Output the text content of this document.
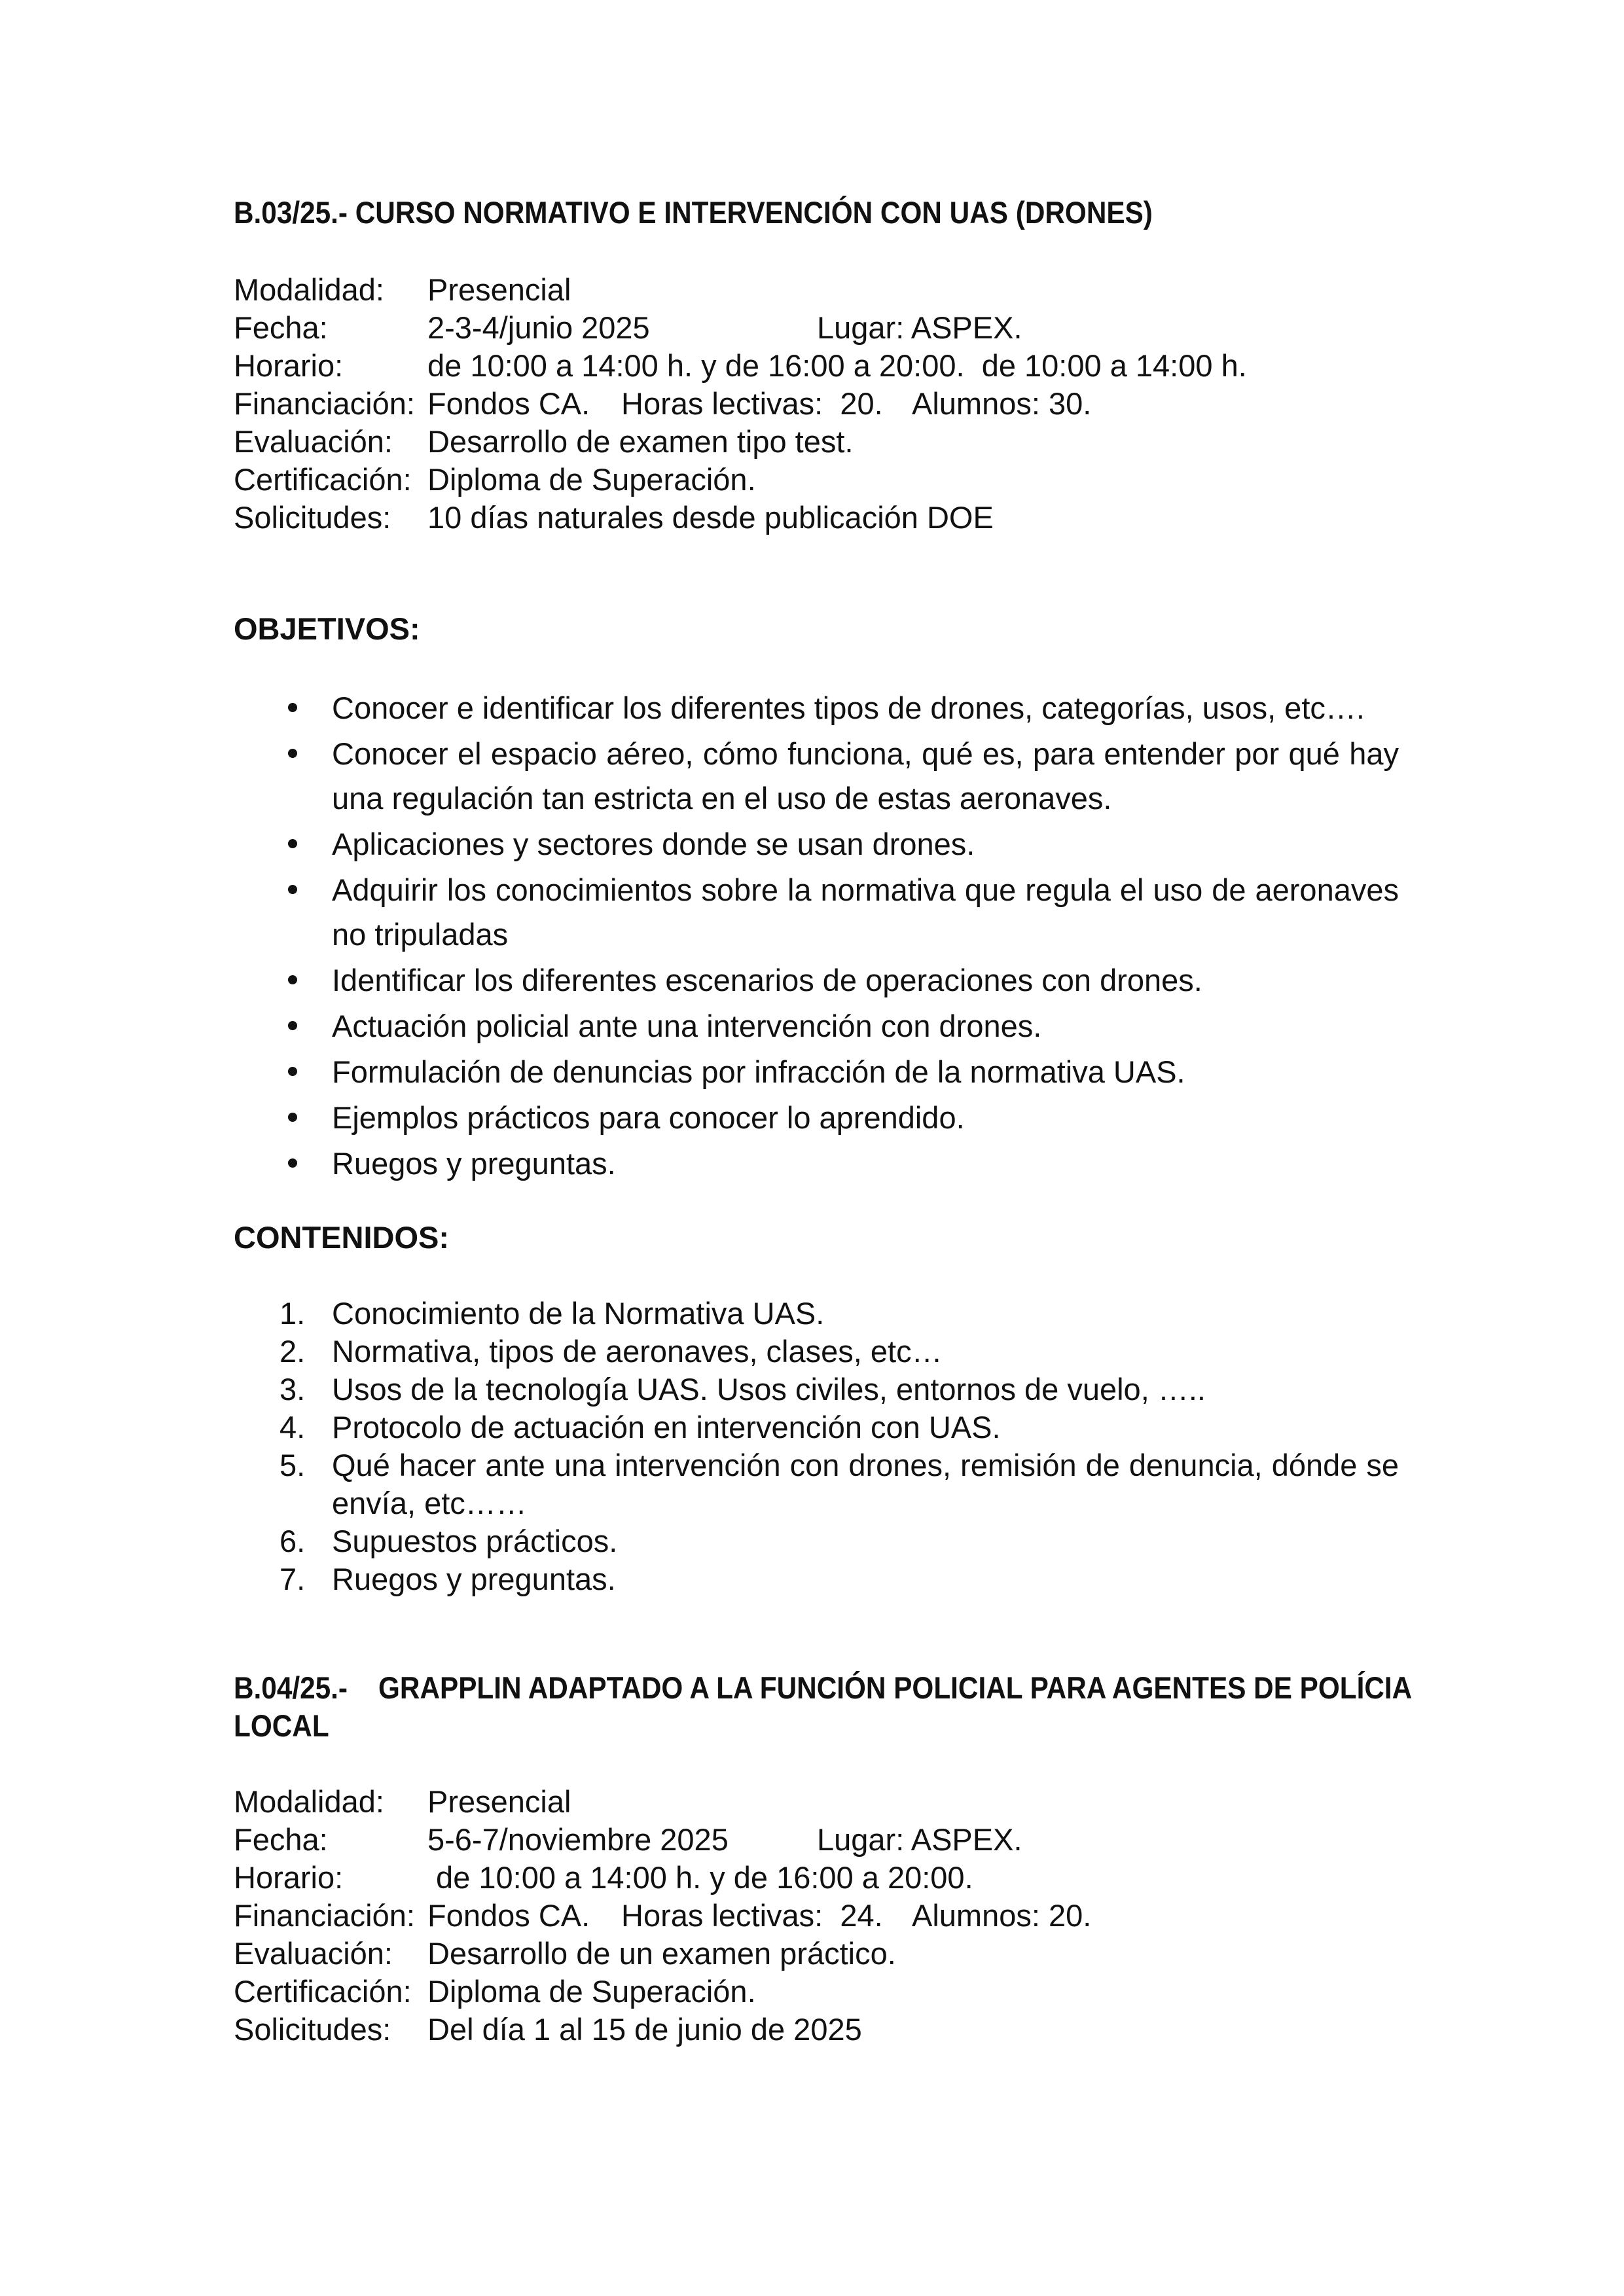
B.03/25.- CURSO NORMATIVO E INTERVENCIÓN CON UAS (DRONES)
Modalidad:	Presencial
Fecha:	2-3-4/junio 2025	Lugar: ASPEX.
Horario:	de 10:00 a 14:00 h. y de 16:00 a 20:00.  de 10:00 a 14:00 h.
Financiación: Fondos CA.	Horas lectivas:  20. Alumnos: 30.
Evaluación:	Desarrollo de examen tipo test.
Certificación: Diploma de Superación.
Solicitudes:	10 días naturales desde publicación DOE
OBJETIVOS:
Conocer e identificar los diferentes tipos de drones, categorías, usos, etc….
Conocer el espacio aéreo, cómo funciona, qué es, para entender por qué hay una regulación tan estricta en el uso de estas aeronaves.
Aplicaciones y sectores donde se usan drones.
Adquirir los conocimientos sobre la normativa que regula el uso de aeronaves no tripuladas
Identificar los diferentes escenarios de operaciones con drones.
Actuación policial ante una intervención con drones.
Formulación de denuncias por infracción de la normativa UAS.
Ejemplos prácticos para conocer lo aprendido.
Ruegos y preguntas.
CONTENIDOS:
1. Conocimiento de la Normativa UAS.
2. Normativa, tipos de aeronaves, clases, etc…
3. Usos de la tecnología UAS. Usos civiles, entornos de vuelo, …..
4. Protocolo de actuación en intervención con UAS.
5. Qué hacer ante una intervención con drones, remisión de denuncia, dónde se envía, etc……
6. Supuestos prácticos.
7. Ruegos y preguntas.
B.04/25.-    GRAPPLIN ADAPTADO A LA FUNCIÓN POLICIAL PARA AGENTES DE POLÍCIA
LOCAL
Modalidad:	Presencial
Fecha:	5-6-7/noviembre 2025	Lugar: ASPEX.
Horario:	de 10:00 a 14:00 h. y de 16:00 a 20:00.
Financiación: Fondos CA.	Horas lectivas:  24. Alumnos: 20.
Evaluación:	Desarrollo de un examen práctico.
Certificación: Diploma de Superación.
Solicitudes:	Del día 1 al 15 de junio de 2025
